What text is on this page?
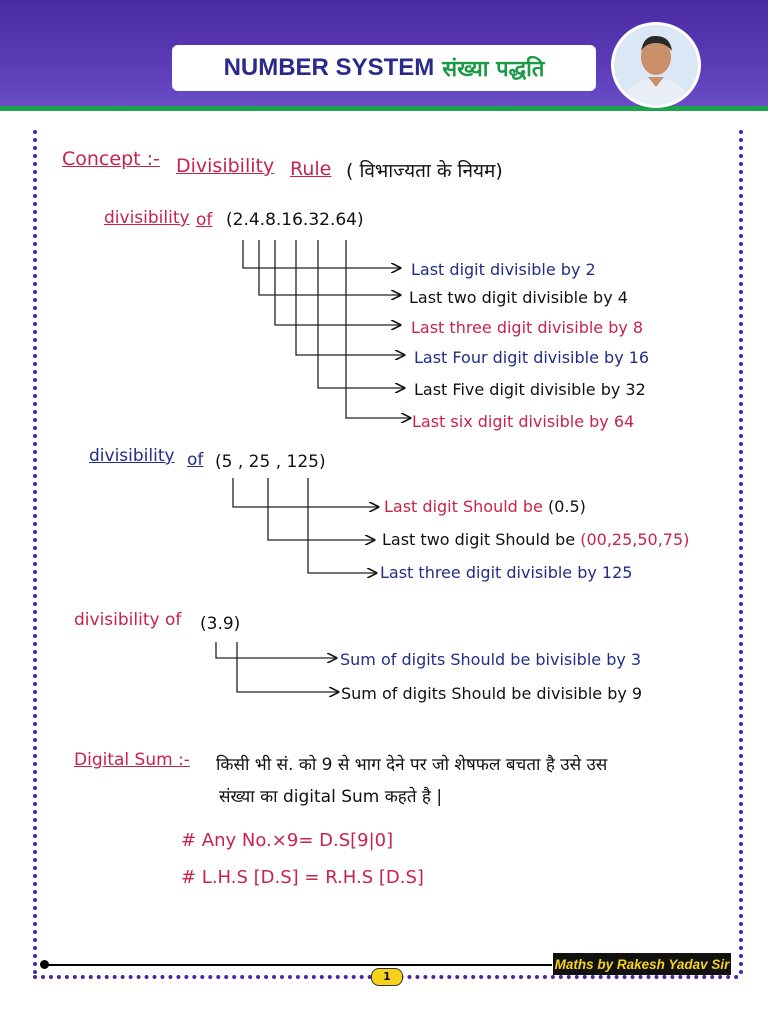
NUMBER SYSTEM संख्या पद्धति
Concept :- Divisibility Rule ( विभाज्यता के नियम)
divisibility of (2.4.8.16.32.64)
Last digit divisible by 2
Last two digit divisible by 4
Last three digit divisible by 8
Last Four digit divisible by 16
Last Five digit divisible by 32
Last six digit divisible by 64
divisibility of (5 , 25 , 125)
Last digit Should be (0.5)
Last two digit Should be (00,25,50,75)
Last three digit divisible by 125
divisibility of (3.9)
Sum of digits Should be bivisible by 3
Sum of digits Should be divisible by 9
Digital Sum :- किसी भी सं. को 9 से भाग देने पर जो शेषफल बचता है उसे उस
संख्या का digital Sum कहते है |
# Any No.×9= D.S[9|0]
# L.H.S [D.S] = R.H.S [D.S]
Maths by Rakesh Yadav Sir
1
